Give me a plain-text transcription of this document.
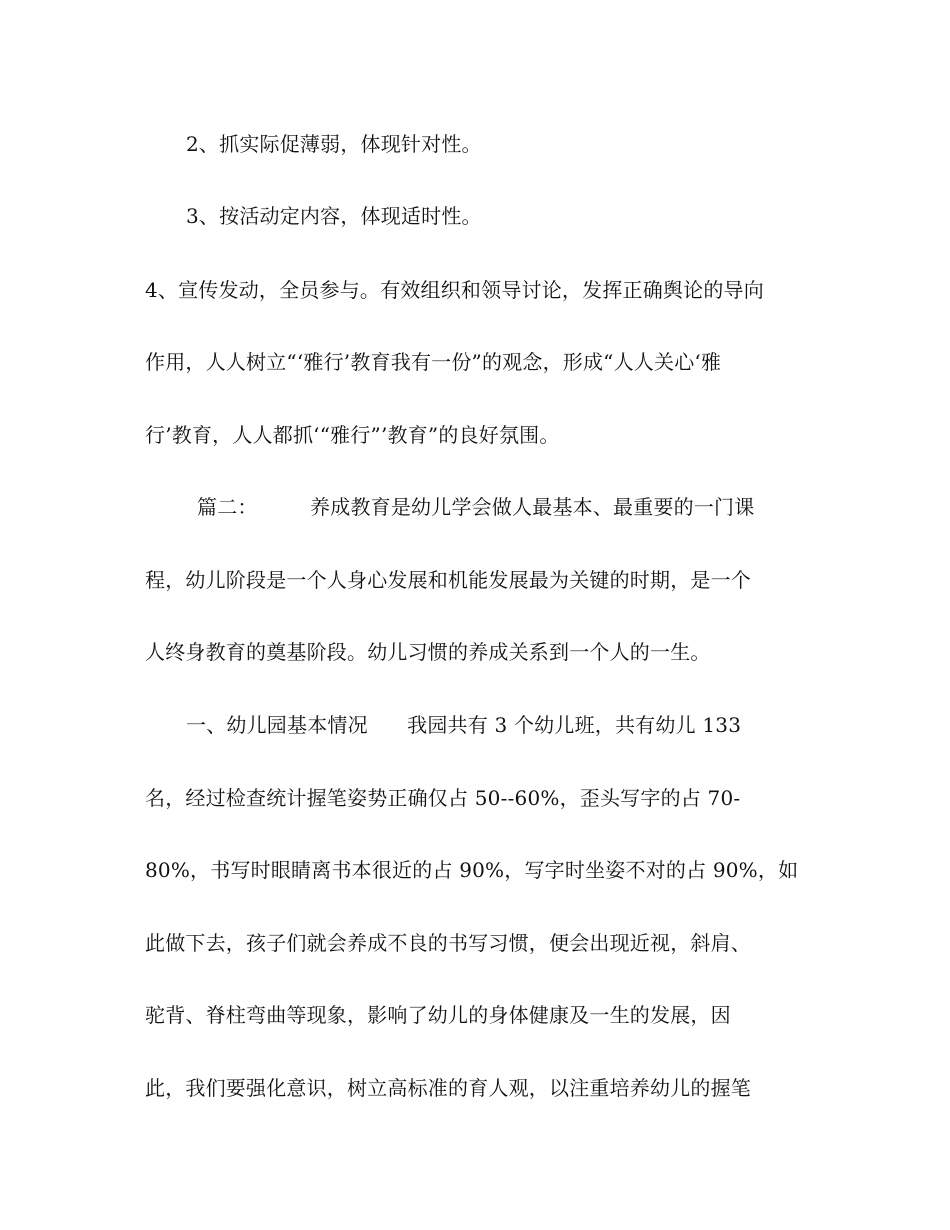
2、抓实际促薄弱，体现针对性。
3、按活动定内容，体现适时性。
4、宣传发动，全员参与。有效组织和领导讨论，发挥正确舆论的导向
作用，人人树立“‘雅行’教育我有一份”的观念，形成“人人关心‘雅
行’教育，人人都抓‘“雅行”’教育”的良好氛围。
篇二：        养成教育是幼儿学会做人最基本、最重要的一门课
程，幼儿阶段是一个人身心发展和机能发展最为关键的时期，是一个
人终身教育的奠基阶段。幼儿习惯的养成关系到一个人的一生。
一、幼儿园基本情况      我园共有 3 个幼儿班，共有幼儿 133
名，经过检查统计握笔姿势正确仅占 50--60%，歪头写字的占 70-
80%，书写时眼睛离书本很近的占 90%，写字时坐姿不对的占 90%，如
此做下去，孩子们就会养成不良的书写习惯，便会出现近视，斜肩、
驼背、脊柱弯曲等现象，影响了幼儿的身体健康及一生的发展，因
此，我们要强化意识，树立高标准的育人观，以注重培养幼儿的握笔
